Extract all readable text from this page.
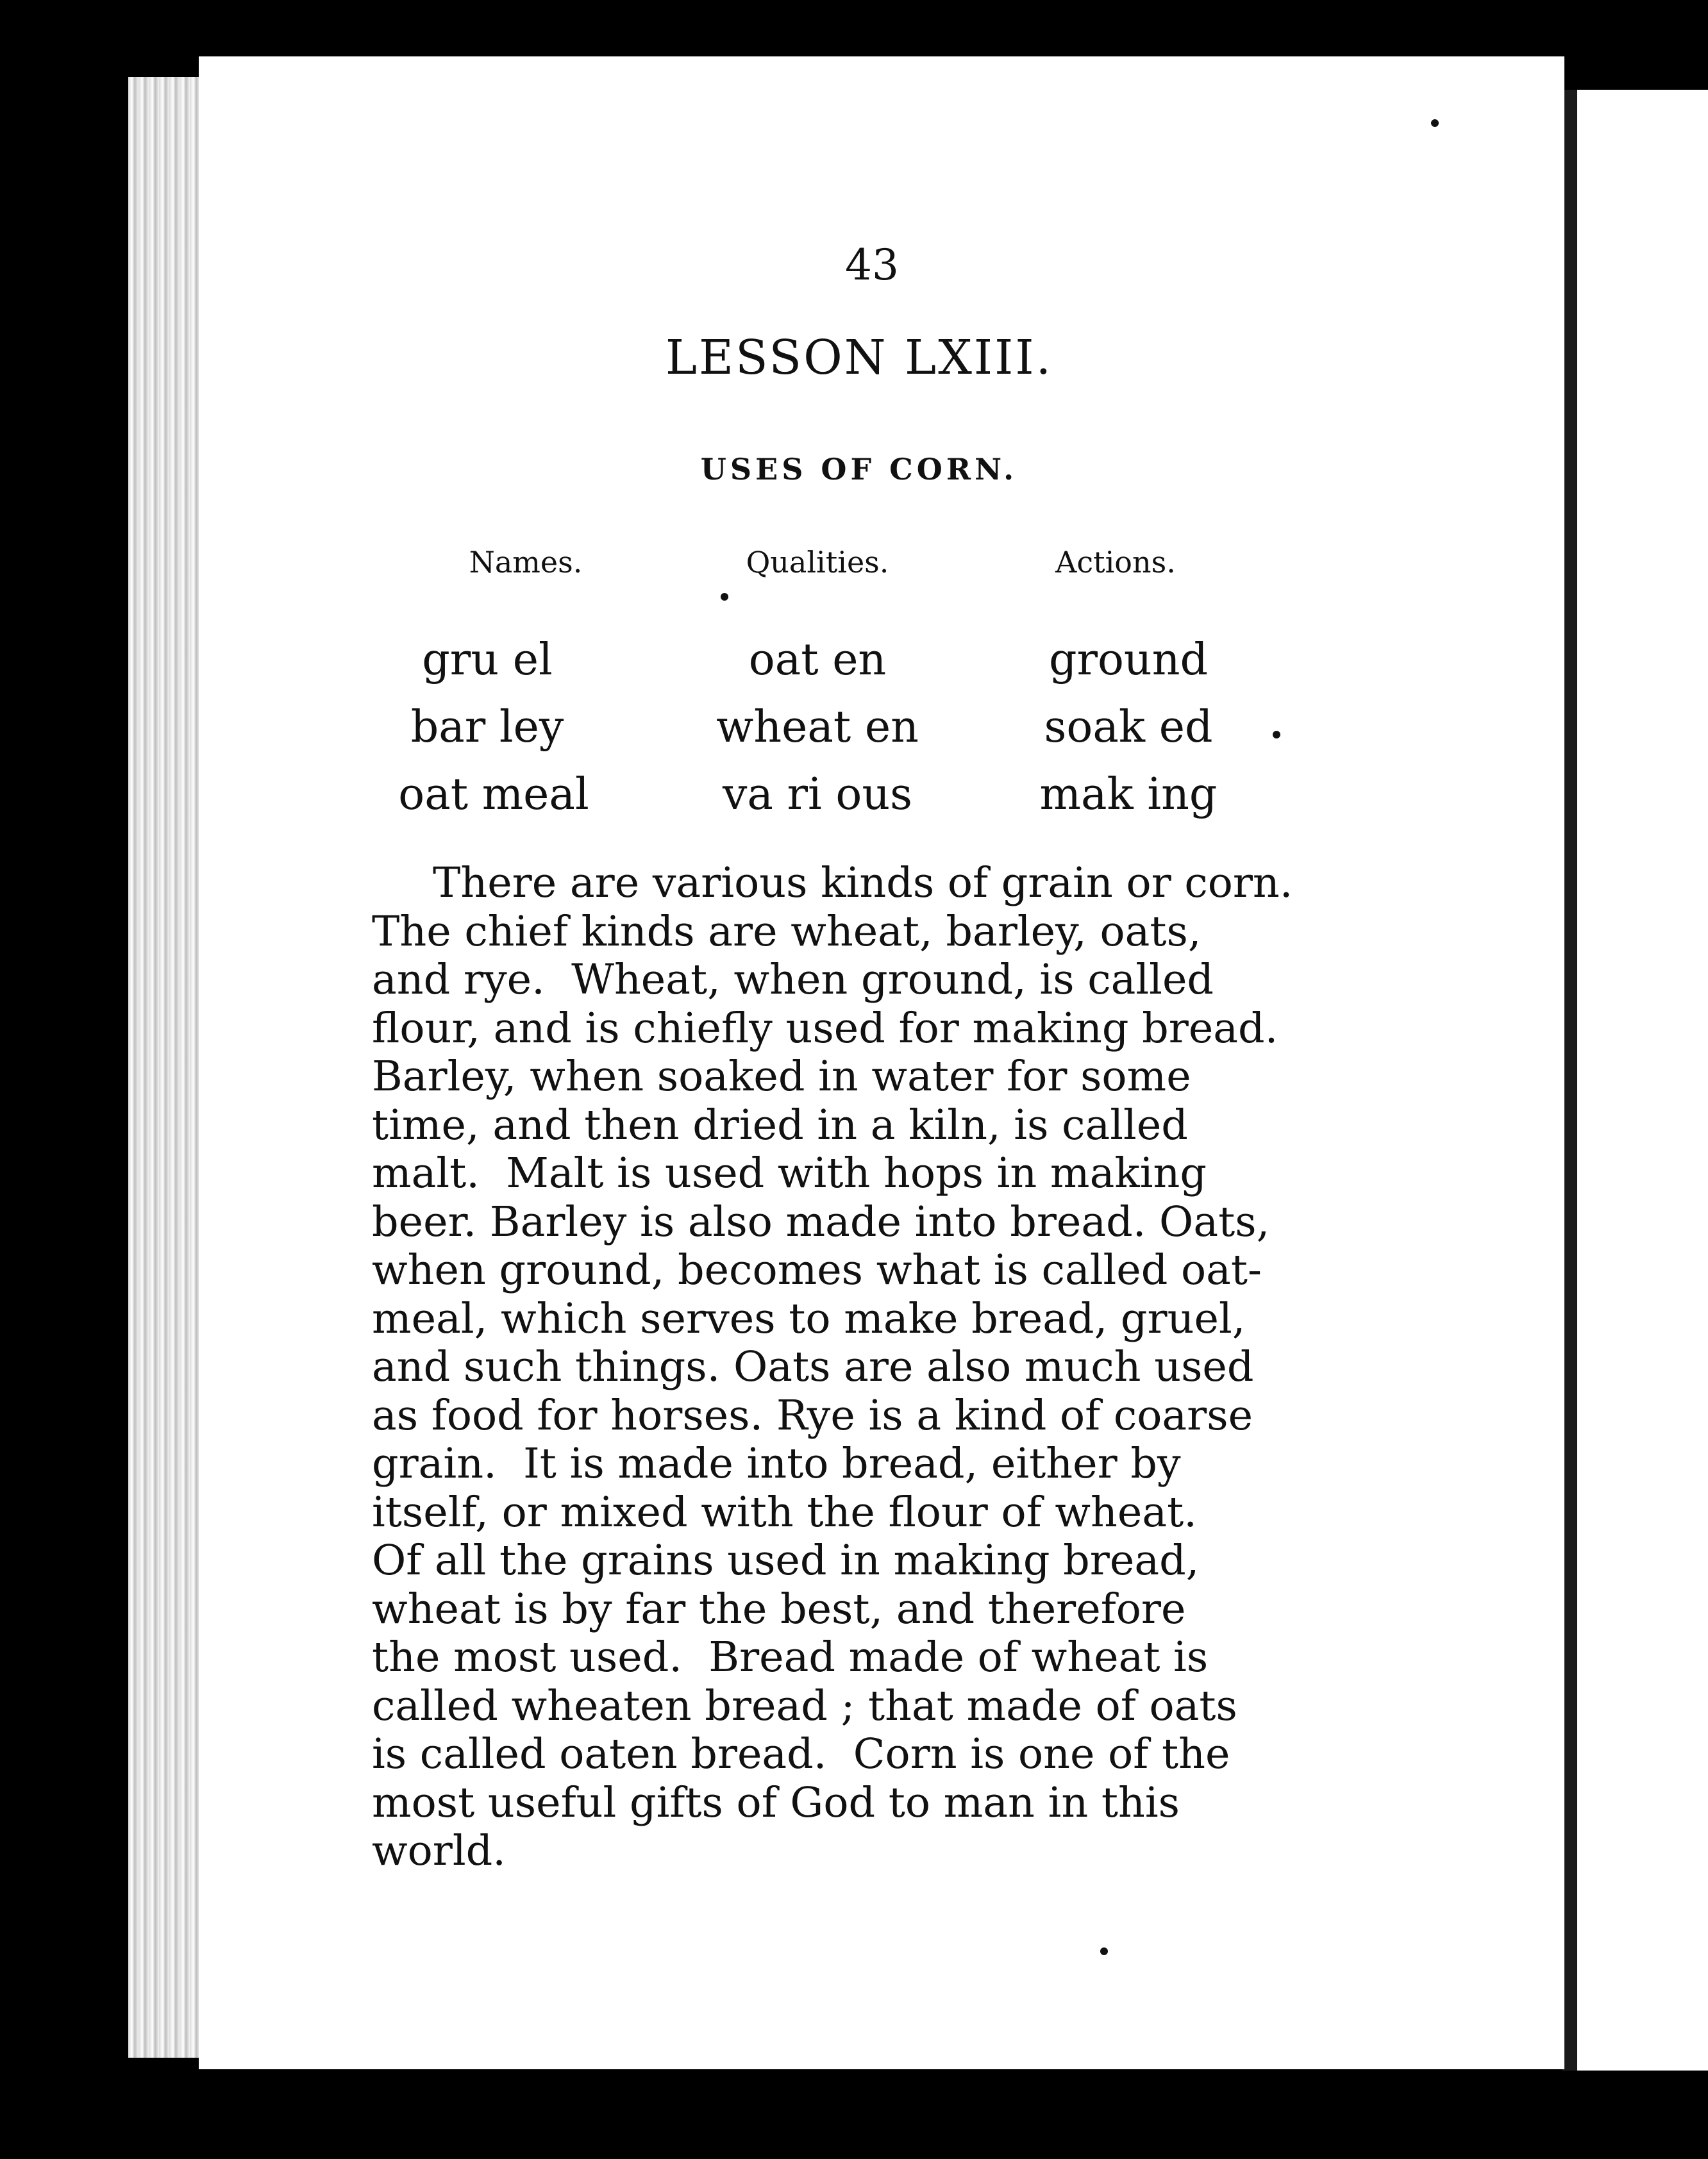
43
LESSON LXIII.
USES OF CORN.
Names.	Qualities.	Actions.
gru el	oat en	ground
bar ley	wheat en	soak ed
oat meal	va ri ous	mak ing
There are various kinds of grain or corn.
The chief kinds are wheat, barley, oats,
and rye.  Wheat, when ground, is called
flour, and is chiefly used for making bread.
Barley, when soaked in water for some
time, and then dried in a kiln, is called
malt.  Malt is used with hops in making
beer. Barley is also made into bread. Oats,
when ground, becomes what is called oat-
meal, which serves to make bread, gruel,
and such things. Oats are also much used
as food for horses. Rye is a kind of coarse
grain.  It is made into bread, either by
itself, or mixed with the flour of wheat.
Of all the grains used in making bread,
wheat is by far the best, and therefore
the most used.  Bread made of wheat is
called wheaten bread ; that made of oats
is called oaten bread.  Corn is one of the
most useful gifts of God to man in this
world.
